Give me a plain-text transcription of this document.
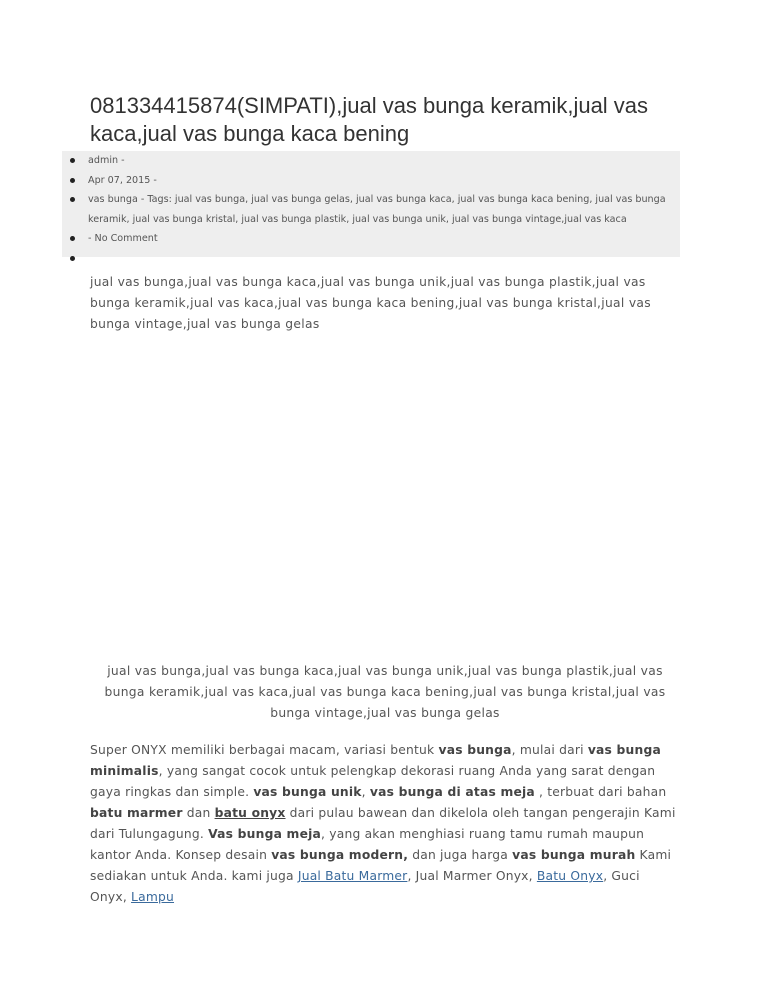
081334415874(SIMPATI),jual vas bunga keramik,jual vas kaca,jual vas bunga kaca bening
admin -
Apr 07, 2015 -
vas bunga - Tags: jual vas bunga, jual vas bunga gelas, jual vas bunga kaca, jual vas bunga kaca bening, jual vas bunga keramik, jual vas bunga kristal, jual vas bunga plastik, jual vas bunga unik, jual vas bunga vintage,jual vas kaca
- No Comment
jual vas bunga,jual vas bunga kaca,jual vas bunga unik,jual vas bunga plastik,jual vas bunga keramik,jual vas kaca,jual vas bunga kaca bening,jual vas bunga kristal,jual vas bunga vintage,jual vas bunga gelas
jual vas bunga,jual vas bunga kaca,jual vas bunga unik,jual vas bunga plastik,jual vas bunga keramik,jual vas kaca,jual vas bunga kaca bening,jual vas bunga kristal,jual vas bunga vintage,jual vas bunga gelas
Super ONYX memiliki berbagai macam, variasi bentuk vas bunga, mulai dari vas bunga minimalis, yang sangat cocok untuk pelengkap dekorasi ruang Anda yang sarat dengan gaya ringkas dan simple. vas bunga unik, vas bunga di atas meja , terbuat dari bahan batu marmer dan batu onyx dari pulau bawean dan dikelola oleh tangan pengerajin Kami dari Tulungagung. Vas bunga meja, yang akan menghiasi ruang tamu rumah maupun kantor Anda. Konsep desain vas bunga modern, dan juga harga vas bunga murah Kami sediakan untuk Anda. kami juga Jual Batu Marmer, Jual Marmer Onyx, Batu Onyx, Guci Onyx, Lampu
